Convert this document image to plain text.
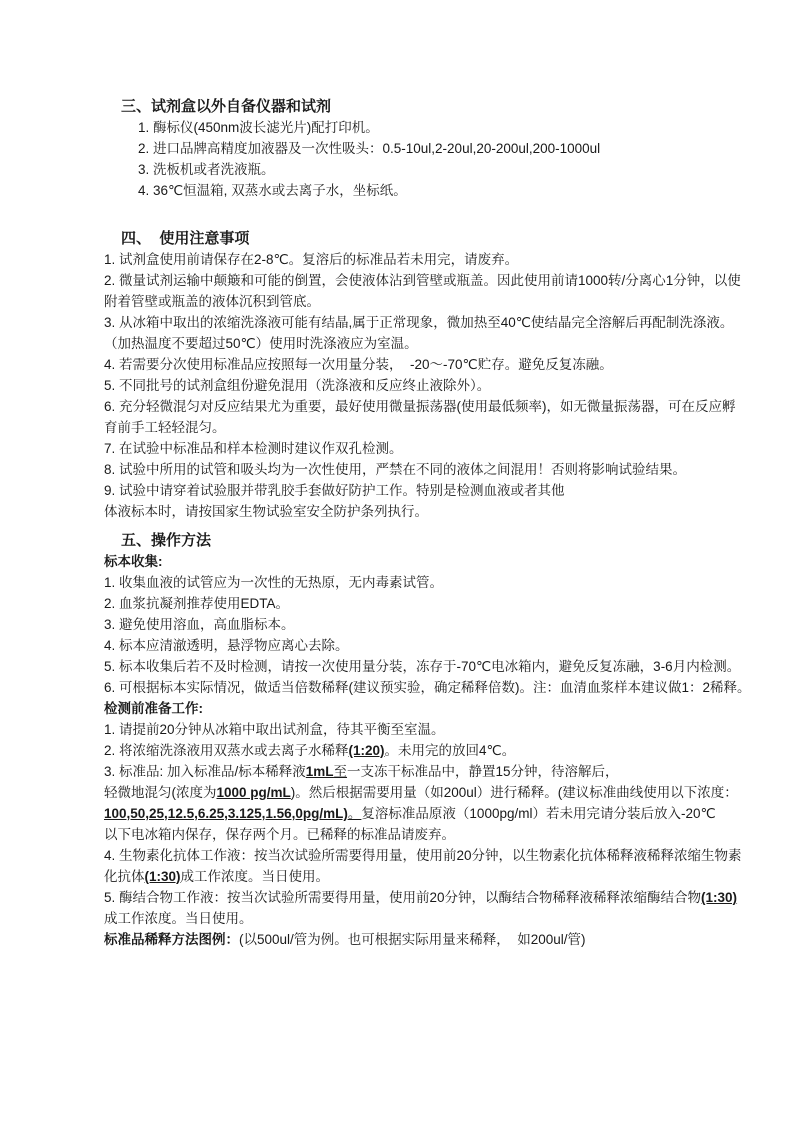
三、试剂盒以外自备仪器和试剂
1. 酶标仪(450nm波长滤光片)配打印机。
2. 进口品牌高精度加液器及一次性吸头：0.5-10ul,2-20ul,20-200ul,200-1000ul
3. 洗板机或者洗液瓶。
4. 36℃恒温箱, 双蒸水或去离子水，坐标纸。
四、  使用注意事项
1. 试剂盒使用前请保存在2-8℃。复溶后的标准品若未用完，请废弃。
2. 微量试剂运输中颠簸和可能的倒置，会使液体沾到管壁或瓶盖。因此使用前请1000转/分离心1分钟，以使
附着管壁或瓶盖的液体沉积到管底。
3. 从冰箱中取出的浓缩洗涤液可能有结晶,属于正常现象，微加热至40℃使结晶完全溶解后再配制洗涤液。
（加热温度不要超过50℃）使用时洗涤液应为室温。
4. 若需要分次使用标准品应按照每一次用量分装，  -20～-70℃贮存。避免反复冻融。
5. 不同批号的试剂盒组份避免混用（洗涤液和反应终止液除外）。
6. 充分轻微混匀对反应结果尤为重要，最好使用微量振荡器(使用最低频率)，如无微量振荡器，可在反应孵
育前手工轻轻混匀。
7. 在试验中标准品和样本检测时建议作双孔检测。
8. 试验中所用的试管和吸头均为一次性使用，严禁在不同的液体之间混用！否则将影响试验结果。
9. 试验中请穿着试验服并带乳胶手套做好防护工作。特别是检测血液或者其他
体液标本时，请按国家生物试验室安全防护条列执行。
五、操作方法
标本收集:
1. 收集血液的试管应为一次性的无热原，无内毒素试管。
2. 血浆抗凝剂推荐使用EDTA。
3. 避免使用溶血，高血脂标本。
4. 标本应清澈透明，悬浮物应离心去除。
5. 标本收集后若不及时检测，请按一次使用量分装，冻存于-70℃电冰箱内，避免反复冻融，3-6月内检测。
6. 可根据标本实际情况，做适当倍数稀释(建议预实验，确定稀释倍数)。注：血清血浆样本建议做1：2稀释。
检测前准备工作:
1. 请提前20分钟从冰箱中取出试剂盒，待其平衡至室温。
2. 将浓缩洗涤液用双蒸水或去离子水稀释(1:20)。未用完的放回4℃。
3. 标准品: 加入标准品/标本稀释液1mL至一支冻干标准品中，静置15分钟，待溶解后，
轻微地混匀(浓度为1000 pg/mL)。然后根据需要用量（如200ul）进行稀释。(建议标准曲线使用以下浓度：
100,50,25,12.5,6.25,3.125,1.56,0pg/mL)。复溶标准品原液（1000pg/ml）若未用完请分装后放入-20℃
以下电冰箱内保存，保存两个月。已稀释的标准品请废弃。
4. 生物素化抗体工作液：按当次试验所需要得用量，使用前20分钟，以生物素化抗体稀释液稀释浓缩生物素
化抗体(1:30)成工作浓度。当日使用。
5. 酶结合物工作液：按当次试验所需要得用量，使用前20分钟，以酶结合物稀释液稀释浓缩酶结合物(1:30)
成工作浓度。当日使用。
标准品稀释方法图例：(以500ul/管为例。也可根据实际用量来稀释，  如200ul/管)
